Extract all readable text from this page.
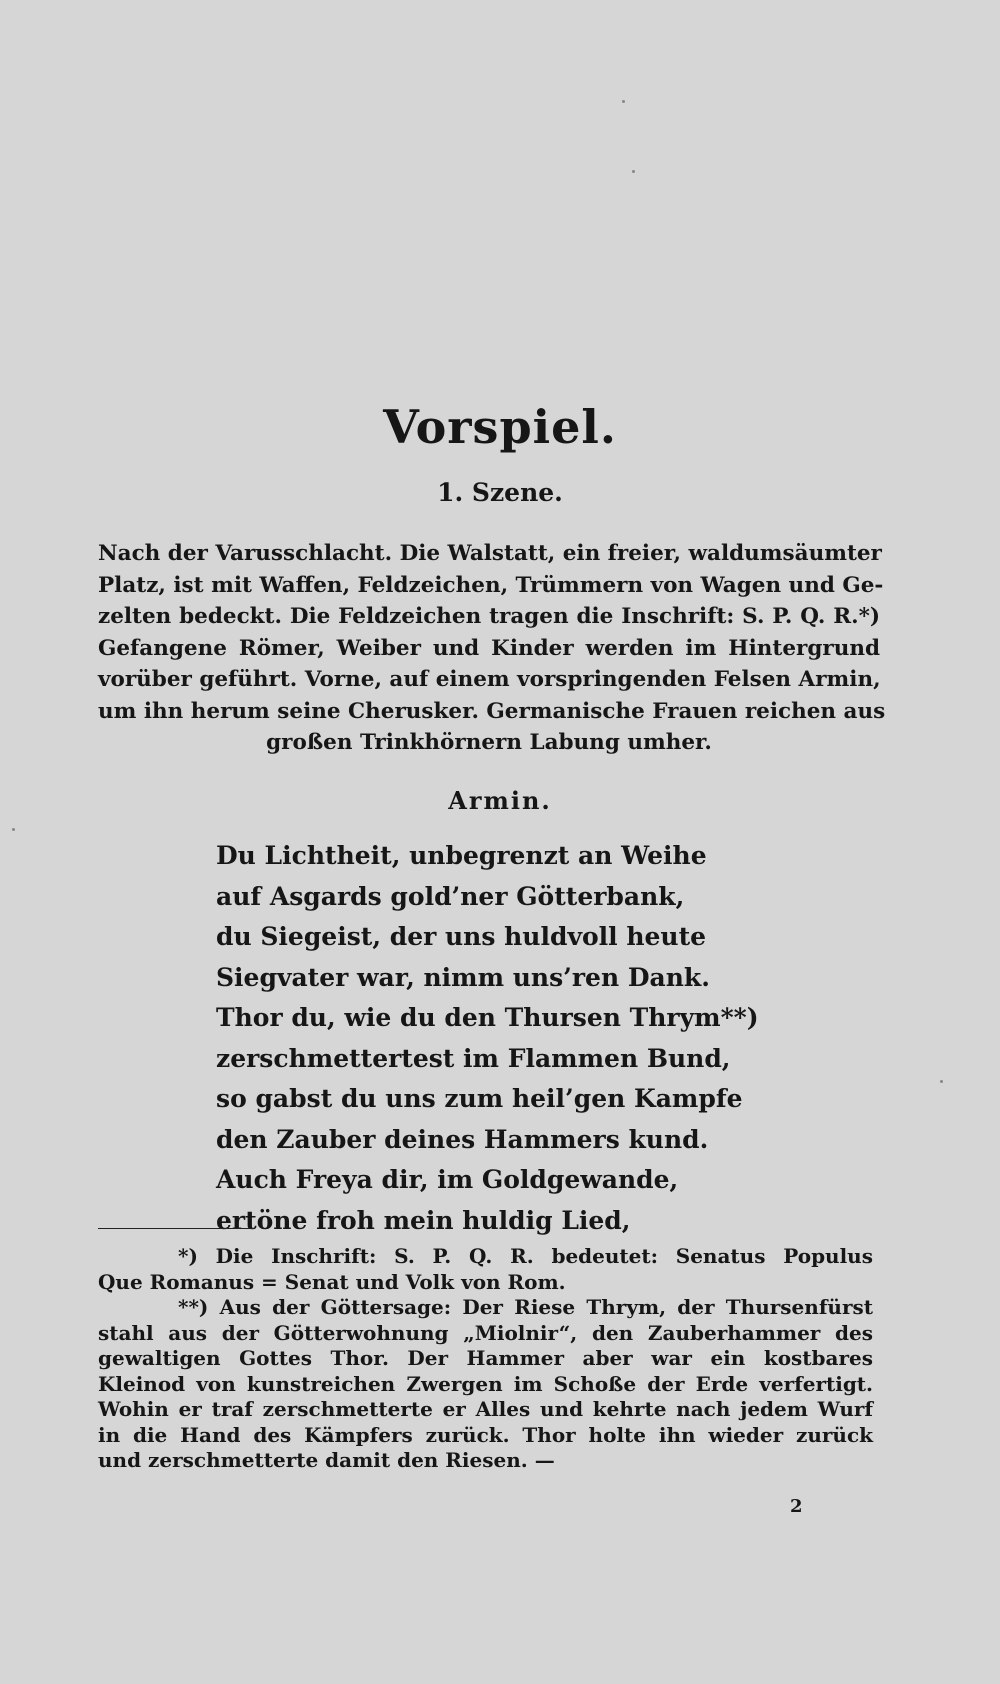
Vorspiel.
1. Szene.
Nach der Varusschlacht. Die Walstatt, ein freier, waldumsäumter
Platz, ist mit Waffen, Feldzeichen, Trümmern von Wagen und Ge-
zelten bedeckt. Die Feldzeichen tragen die Inschrift: S. P. Q. R.*)
Gefangene Römer, Weiber und Kinder werden im Hintergrund
vorüber geführt. Vorne, auf einem vorspringenden Felsen Armin,
um ihn herum seine Cherusker. Germanische Frauen reichen aus
großen Trinkhörnern Labung umher.
Armin.
Du Lichtheit, unbegrenzt an Weihe
auf Asgards gold’ner Götterbank,
du Siegeist, der uns huldvoll heute
Siegvater war, nimm uns’ren Dank.
Thor du, wie du den Thursen Thrym**)
zerschmettertest im Flammen Bund,
so gabst du uns zum heil’gen Kampfe
den Zauber deines Hammers kund.
Auch Freya dir, im Goldgewande,
ertöne froh mein huldig Lied,
*) Die Inschrift: S. P. Q. R. bedeutet: Senatus Populus
Que Romanus = Senat und Volk von Rom.
**) Aus der Göttersage: Der Riese Thrym, der Thursenfürst
stahl aus der Götterwohnung „Miolnir“, den Zauberhammer des
gewaltigen Gottes Thor. Der Hammer aber war ein kostbares
Kleinod von kunstreichen Zwergen im Schoße der Erde verfertigt.
Wohin er traf zerschmetterte er Alles und kehrte nach jedem Wurf
in die Hand des Kämpfers zurück. Thor holte ihn wieder zurück
und zerschmetterte damit den Riesen. —
2
